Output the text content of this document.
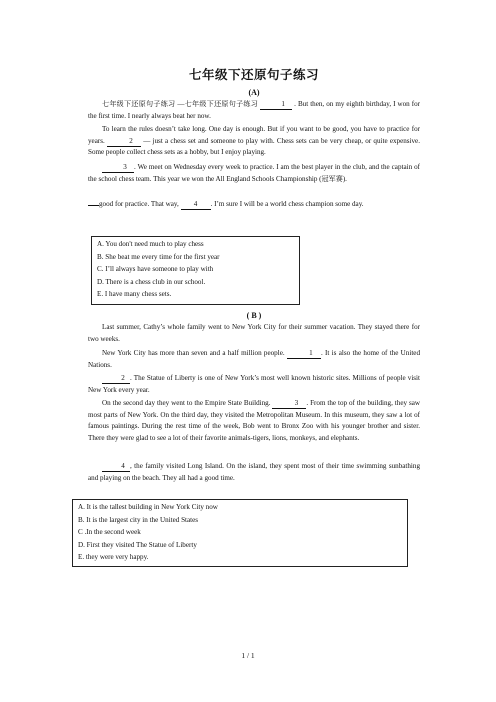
七年级下还原句子练习
(A)
七年级下还原句子练习 —七年级下还原句子练习	1 . But then, on my eighth birthday, I won for the first time. I nearly always beat her now.
To learn the rules doesn’t take long. One day is enough. But if you want to be good, you have to practice for years.	2 — just a chess set and someone to play with. Chess sets can be very cheap, or quite expensive. Some people collect chess sets as a hobby, but I enjoy playing.
3 . We meet on Wednesday every week to practice. I am the best player in the club, and the captain of the school chess team. This year we won the All England Schools Championship (冠军赛).
good for practice. That way, 4 . I’m sure I will be a world chess champion some day.
A. You don't need much to play chess
B. She beat me every time for the first year
C. I’ll always have someone to play with
D. There is a chess club in our school.
E. I have many chess sets.
( B )
Last summer, Cathy’s whole family went to New York City for their summer vacation. They stayed there for two weeks.
New York City has more than seven and a half million people.	1 . It is also the home of the United Nations.
2 . The Statue of Liberty is one of New York’s most well known historic sites. Millions of people visit New York every year.
On the second day they went to the Empire State Building.	3 . From the top of the building, they saw most parts of New York. On the third day, they visited the Metropolitan Museum. In this museum, they saw a lot of famous paintings. During the rest time of the week, Bob went to Bronx Zoo with his younger brother and sister. There they were glad to see a lot of their favorite animals-tigers, lions, monkeys, and elephants.
4 , the family visited Long Island. On the island, they spent most of their time swimming sunbathing and playing on the beach. They all had a good time.
A. It is the tallest building in New York City now
B. It is the largest city in the United States
C .In the second week
D. First they visited The Statue of Liberty
E. they were very happy.
1 / 1
